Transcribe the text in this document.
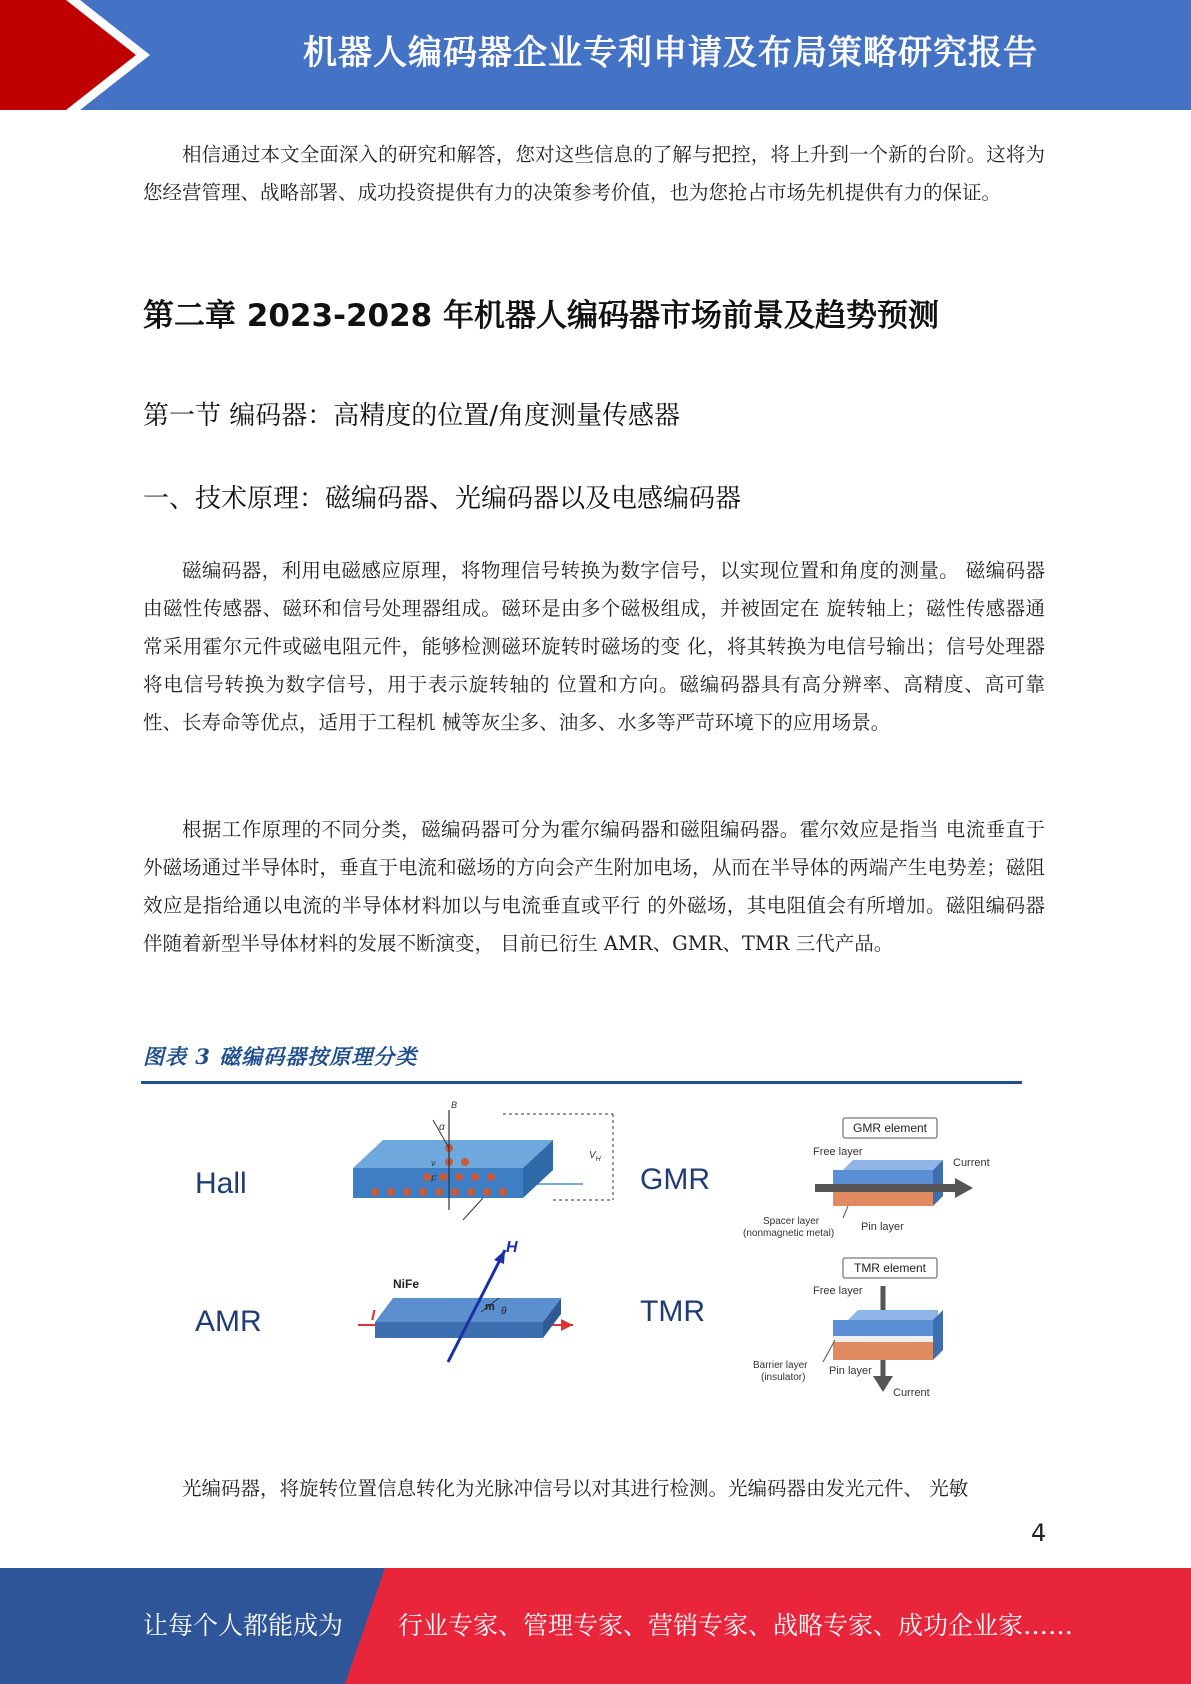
机器人编码器企业专利申请及布局策略研究报告
相信通过本文全面深入的研究和解答，您对这些信息的了解与把控，将上升到一个新的台阶。这将为您经营管理、战略部署、成功投资提供有力的决策参考价值，也为您抢占市场先机提供有力的保证。
第二章 2023-2028 年机器人编码器市场前景及趋势预测
第一节 编码器：高精度的位置/角度测量传感器
一、技术原理：磁编码器、光编码器以及电感编码器
磁编码器，利用电磁感应原理，将物理信号转换为数字信号，以实现位置和角度的测量。 磁编码器由磁性传感器、磁环和信号处理器组成。磁环是由多个磁极组成，并被固定在 旋转轴上；磁性传感器通常采用霍尔元件或磁电阻元件，能够检测磁环旋转时磁场的变 化，将其转换为电信号输出；信号处理器将电信号转换为数字信号，用于表示旋转轴的 位置和方向。磁编码器具有高分辨率、高精度、高可靠性、长寿命等优点，适用于工程机 械等灰尘多、油多、水多等严苛环境下的应用场景。
根据工作原理的不同分类，磁编码器可分为霍尔编码器和磁阻编码器。霍尔效应是指当 电流垂直于外磁场通过半导体时，垂直于电流和磁场的方向会产生附加电场，从而在半导体的两端产生电势差；磁阻效应是指给通以电流的半导体材料加以与电流垂直或平行 的外磁场，其电阻值会有所增加。磁阻编码器伴随着新型半导体材料的发展不断演变， 目前已衍生 AMR、GMR、TMR 三代产品。
图表 3 磁编码器按原理分类
Hall	GMR
AMR	TMR
B
α
v
F
$V_H$
NiFe
H
I	m θ
GMR element
Free layer
Current
Spacer layer
(nonmagnetic metal)
Pin layer
TMR element
Free layer
Current
Barrier layer
(insulator)
Pin layer
光编码器，将旋转位置信息转化为光脉冲信号以对其进行检测。光编码器由发光元件、 光敏
4
让每个人都能成为 行业专家、管理专家、营销专家、战略专家、成功企业家……
